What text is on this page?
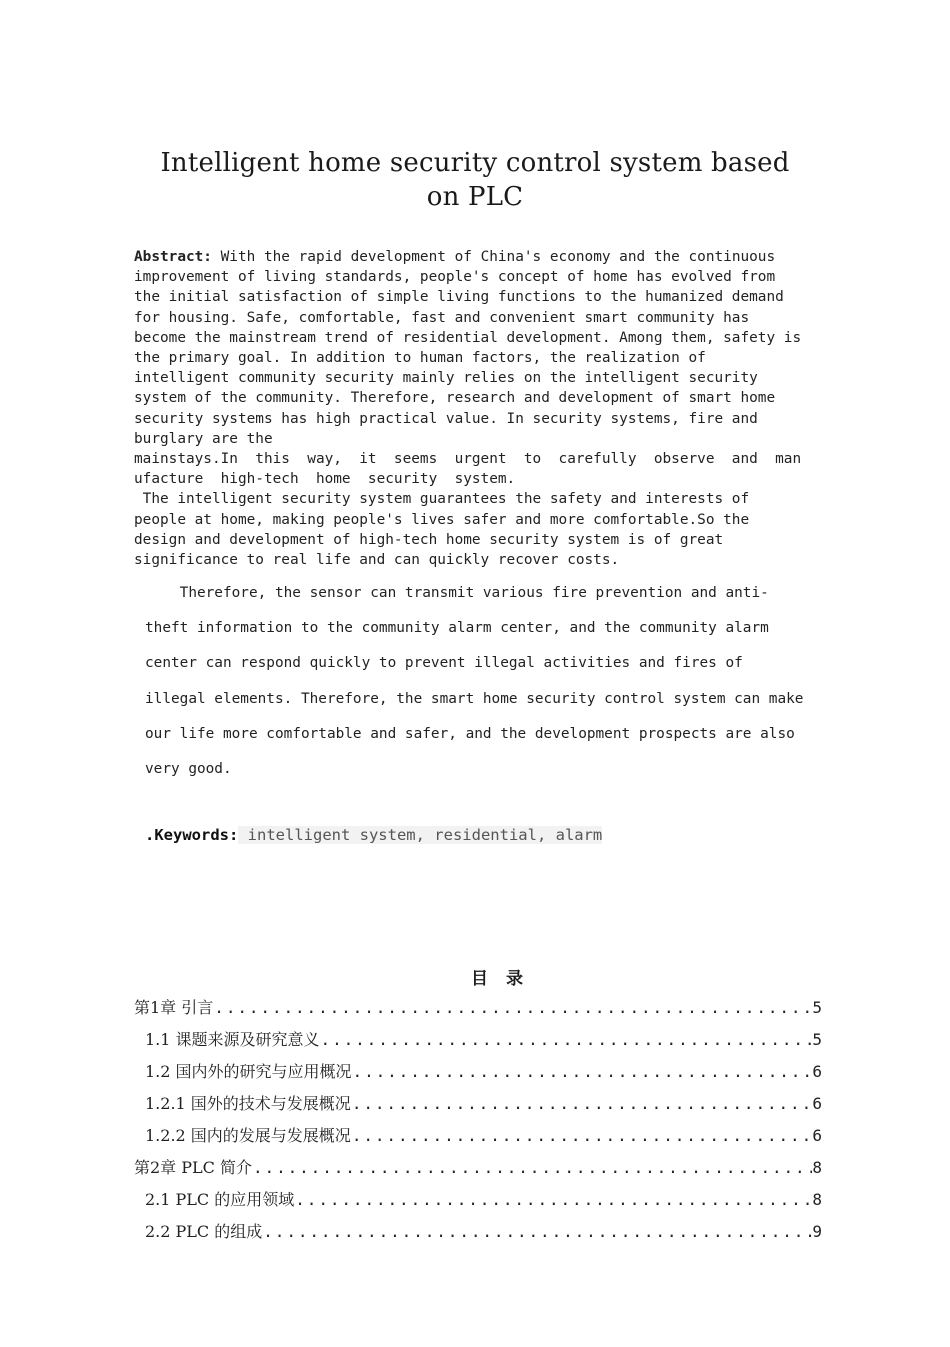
Intelligent home security control system based
on PLC
Abstract: With the rapid development of China's economy and the continuous
improvement of living standards, people's concept of home has evolved from
the initial satisfaction of simple living functions to the humanized demand
for housing. Safe, comfortable, fast and convenient smart community has
become the mainstream trend of residential development. Among them, safety is
the primary goal. In addition to human factors, the realization of
intelligent community security mainly relies on the intelligent security
system of the community. Therefore, research and development of smart home
security systems has high practical value. In security systems, fire and
burglary are the
mainstays.In  this  way,  it  seems  urgent  to  carefully  observe  and  man
ufacture  high-tech  home  security  system.
The intelligent security system guarantees the safety and interests of
people at home, making people's lives safer and more comfortable.So the
design and development of high-tech home security system is of great
significance to real life and can quickly recover costs.
Therefore, the sensor can transmit various fire prevention and anti-
theft information to the community alarm center, and the community alarm
center can respond quickly to prevent illegal activities and fires of
illegal elements. Therefore, the smart home security control system can make
our life more comfortable and safer, and the development prospects are also
very good.
.Keywords: intelligent system, residential, alarm
目 录
第1章 引言 .....	5
1.1 课题来源及研究意义 .....	5
1.2 国内外的研究与应用概况 .....	6
1.2.1 国外的技术与发展概况 .....	6
1.2.2 国内的发展与发展概况 .....	6
第2章 PLC 简介 .....	8
2.1 PLC 的应用领域 .....	8
2.2 PLC 的组成 .....	9
